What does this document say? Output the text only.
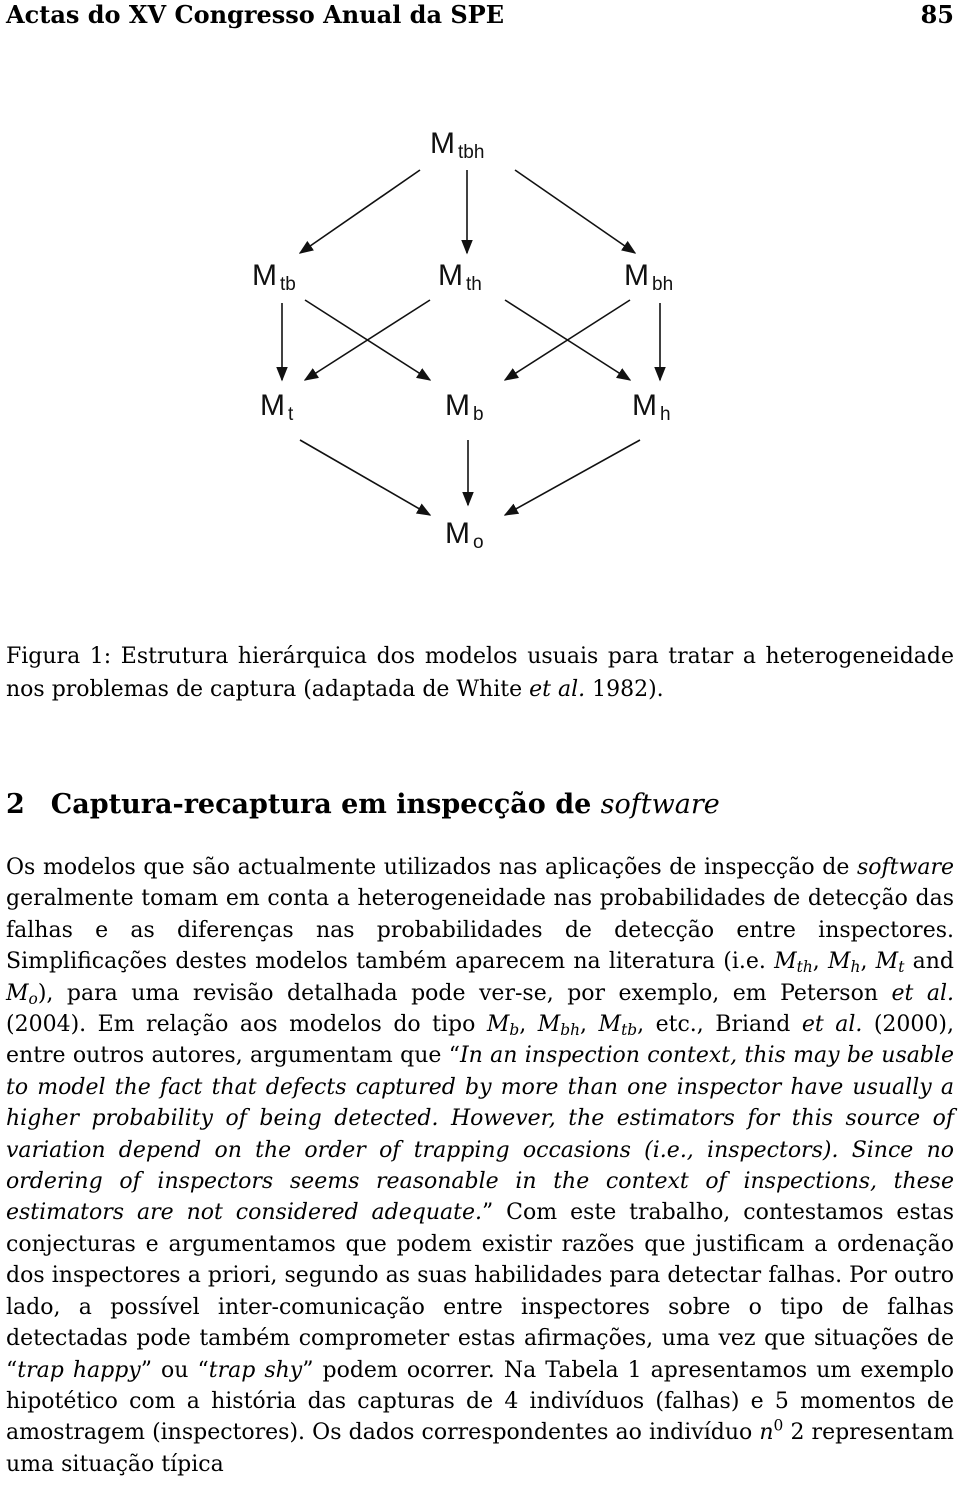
Actas do XV Congresso Anual da SPE	85
M tbh
M tb	M th	M bh
M t	M b	M h
M o
Figura 1: Estrutura hierárquica dos modelos usuais para tratar a heterogeneidade nos problemas de captura (adaptada de White et al. 1982).
2 Captura-recaptura em inspecção de software

Os modelos que são actualmente utilizados nas aplicações de inspecção de software geralmente tomam em conta a heterogeneidade nas probabilidades de detecção das falhas e as diferenças nas probabilidades de detecção entre inspectores. Simplificações destes modelos também aparecem na literatura (i.e. $M_{th}$, $M_h$, $M_t$ and $M_o$), para uma revisão detalhada pode ver-se, por exemplo, em Peterson et al. (2004). Em relação aos modelos do tipo $M_b$, $M_{bh}$, $M_{tb}$, etc., Briand et al. (2000), entre outros autores, argumentam que “In an inspection context, this may be usable to model the fact that defects captured by more than one inspector have usually a higher probability of being detected. However, the estimators for this source of variation depend on the order of trapping occasions (i.e., inspectors). Since no ordering of inspectors seems reasonable in the context of inspections, these estimators are not considered adequate.” Com este trabalho, contestamos estas conjecturas e argumentamos que podem existir razões que justificam a ordenação dos inspectores a priori, segundo as suas habilidades para detectar falhas. Por outro lado, a possível inter-comunicação entre inspectores sobre o tipo de falhas detectadas pode também comprometer estas afirmações, uma vez que situações de “trap happy” ou “trap shy” podem ocorrer. Na Tabela 1 apresentamos um exemplo hipotético com a história das capturas de 4 indivíduos (falhas) e 5 momentos de amostragem (inspectores). Os dados correspondentes ao indivíduo $n^0$ 2 representam uma situação típica
